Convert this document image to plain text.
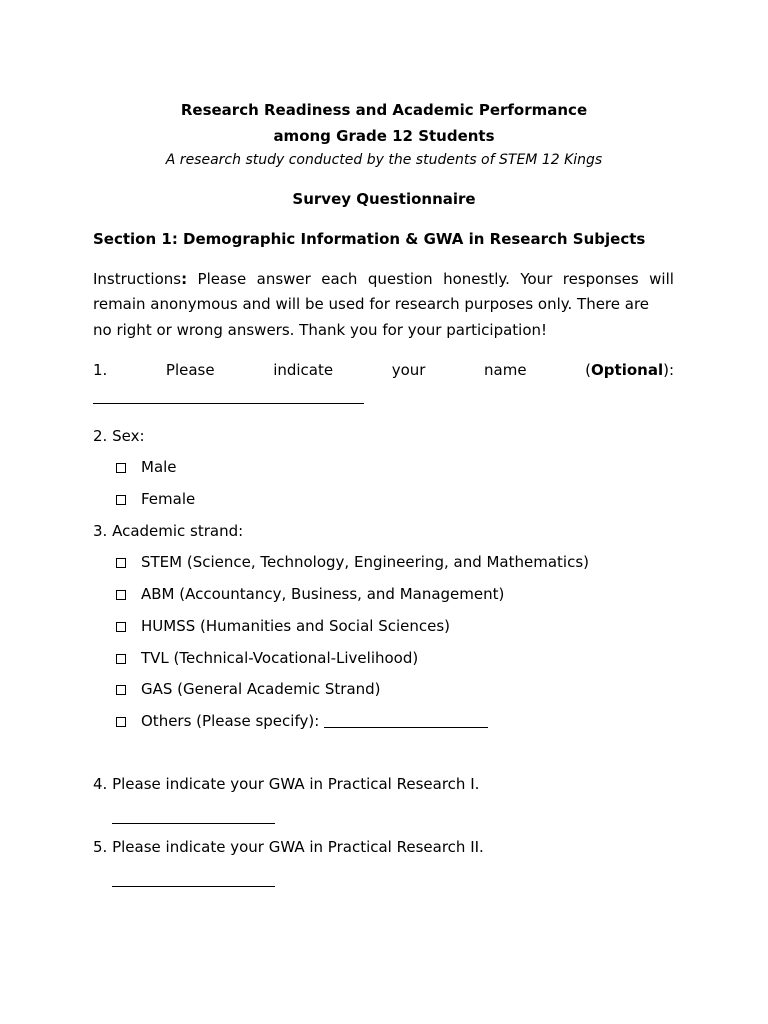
Research Readiness and Academic Performance
among Grade 12 Students
A research study conducted by the students of STEM 12 Kings
Survey Questionnaire
Section 1: Demographic Information & GWA in Research Subjects
Instructions: Please answer each question honestly. Your responses will
remain anonymous and will be used for research purposes only. There are
no right or wrong answers. Thank you for your participation!
1.	Please	indicate	your	name	(Optional):
2. Sex:
Male
Female
3. Academic strand:
STEM (Science, Technology, Engineering, and Mathematics)
ABM (Accountancy, Business, and Management)
HUMSS (Humanities and Social Sciences)
TVL (Technical-Vocational-Livelihood)
GAS (General Academic Strand)
Others (Please specify):
4. Please indicate your GWA in Practical Research I.
5. Please indicate your GWA in Practical Research II.
